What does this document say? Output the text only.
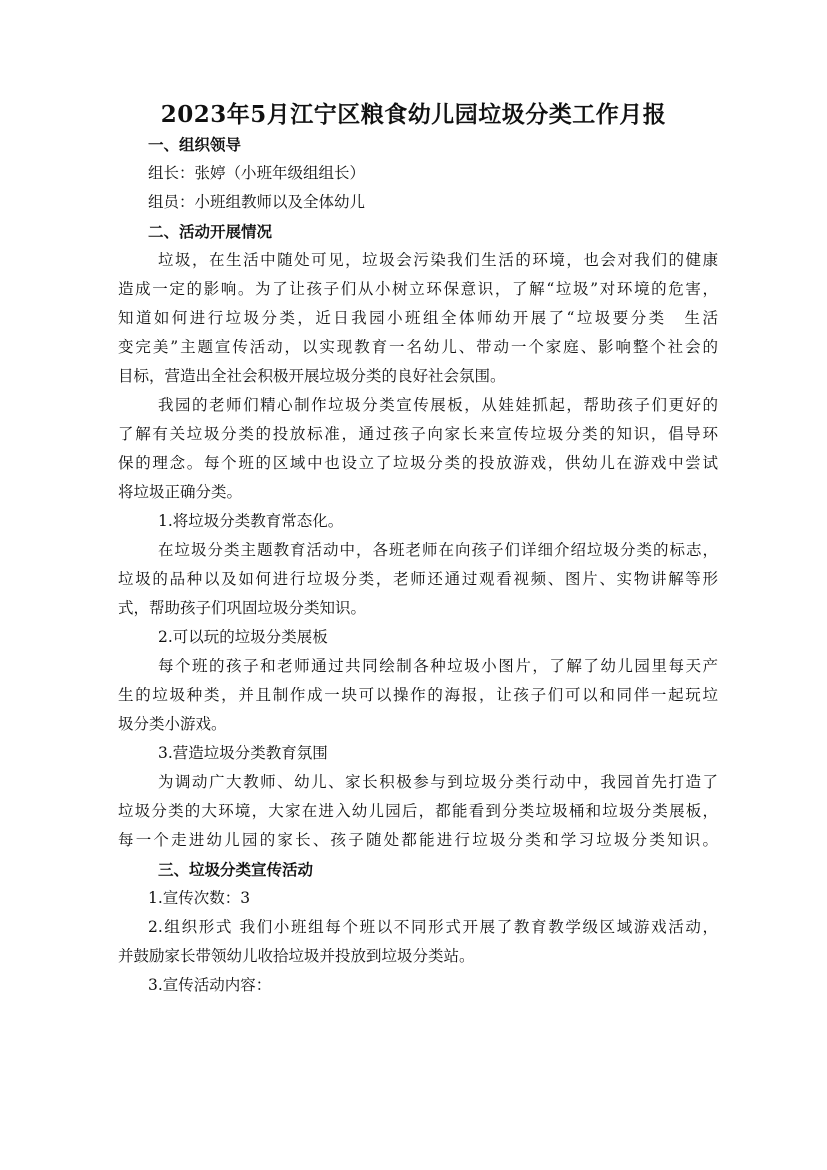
2023年5月江宁区粮食幼儿园垃圾分类工作月报
一、组织领导
组长：张婷（小班年级组组长）
组员：小班组教师以及全体幼儿
二、活动开展情况
垃圾，在生活中随处可见，垃圾会污染我们生活的环境，也会对我们的健康
造成一定的影响。为了让孩子们从小树立环保意识，了解“垃圾”对环境的危害，
知道如何进行垃圾分类，近日我园小班组全体师幼开展了“垃圾要分类　生活
变完美”主题宣传活动，以实现教育一名幼儿、带动一个家庭、影响整个社会的
目标，营造出全社会积极开展垃圾分类的良好社会氛围。
我园的老师们精心制作垃圾分类宣传展板，从娃娃抓起，帮助孩子们更好的
了解有关垃圾分类的投放标准，通过孩子向家长来宣传垃圾分类的知识，倡导环
保的理念。每个班的区域中也设立了垃圾分类的投放游戏，供幼儿在游戏中尝试
将垃圾正确分类。
1.将垃圾分类教育常态化。
在垃圾分类主题教育活动中，各班老师在向孩子们详细介绍垃圾分类的标志，
垃圾的品种以及如何进行垃圾分类，老师还通过观看视频、图片、实物讲解等形
式，帮助孩子们巩固垃圾分类知识。
2.可以玩的垃圾分类展板
每个班的孩子和老师通过共同绘制各种垃圾小图片，了解了幼儿园里每天产
生的垃圾种类，并且制作成一块可以操作的海报，让孩子们可以和同伴一起玩垃
圾分类小游戏。
3.营造垃圾分类教育氛围
为调动广大教师、幼儿、家长积极参与到垃圾分类行动中，我园首先打造了
垃圾分类的大环境，大家在进入幼儿园后，都能看到分类垃圾桶和垃圾分类展板，
每一个走进幼儿园的家长、孩子随处都能进行垃圾分类和学习垃圾分类知识。
三、垃圾分类宣传活动
1.宣传次数：3
2.组织形式 我们小班组每个班以不同形式开展了教育教学级区域游戏活动，
并鼓励家长带领幼儿收拾垃圾并投放到垃圾分类站。
3.宣传活动内容：
